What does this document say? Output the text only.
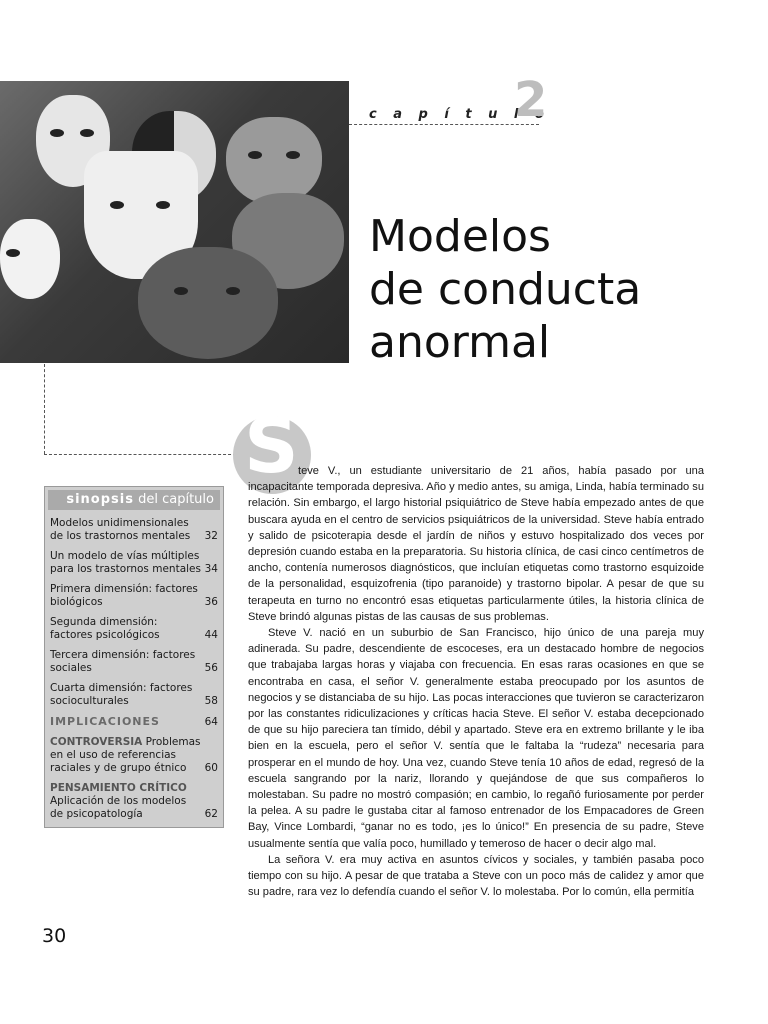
c a p í t u l o
2
Modelos
de conducta
anormal
S
sinopsis del capítulo
Modelos unidimensionales de los trastornos mentales 32
Un modelo de vías múltiples para los trastornos mentales 34
Primera dimensión: factores biológicos	36
Segunda dimensión: factores psicológicos	44
Tercera dimensión: factores sociales	56
Cuarta dimensión: factores socioculturales	58
IMPLICACIONES	64
CONTROVERSIA Problemas en el uso de referencias raciales y de grupo étnico 60
PENSAMIENTO CRÍTICO
Aplicación de los modelos de psicopatología	62

teve V., un estudiante universitario de 21 años, había pasado por una incapacitante temporada depresiva. Año y medio antes, su amiga, Linda, había terminado su relación. Sin embargo, el largo historial psiquiátrico de Steve había empezado antes de que buscara ayuda en el centro de servicios psiquiátricos de la universidad. Steve había entrado y salido de psicoterapia desde el jardín de niños y estuvo hospitalizado dos veces por depresión cuando estaba en la preparatoria. Su historia clínica, de casi cinco centímetros de ancho, contenía numerosos diagnósticos, que incluían etiquetas como trastorno esquizoide de la personalidad, esquizofrenia (tipo paranoide) y trastorno bipolar. A pesar de que su terapeuta en turno no encontró esas etiquetas particularmente útiles, la historia clínica de Steve brindó algunas pistas de las causas de sus problemas.

Steve V. nació en un suburbio de San Francisco, hijo único de una pareja muy adinerada. Su padre, descendiente de escoceses, era un destacado hombre de negocios que trabajaba largas horas y viajaba con frecuencia. En esas raras ocasiones en que se encontraba en casa, el señor V. generalmente estaba preocupado por los asuntos de negocios y se distanciaba de su hijo. Las pocas interacciones que tuvieron se caracterizaron por las constantes ridiculizaciones y críticas hacia Steve. El señor V. estaba decepcionado de que su hijo pareciera tan tímido, débil y apartado. Steve era en extremo brillante y le iba bien en la escuela, pero el señor V. sentía que le faltaba la “rudeza” necesaria para prosperar en el mundo de hoy. Una vez, cuando Steve tenía 10 años de edad, regresó de la escuela sangrando por la nariz, llorando y quejándose de que sus compañeros lo molestaban. Su padre no mostró compasión; en cambio, lo regañó furiosamente por perder la pelea. A su padre le gustaba citar al famoso entrenador de los Empacadores de Green Bay, Vince Lombardi, “ganar no es todo, ¡es lo único!” En presencia de su padre, Steve usualmente sentía que valía poco, humillado y temeroso de hacer o decir algo mal.

La señora V. era muy activa en asuntos cívicos y sociales, y también pasaba poco tiempo con su hijo. A pesar de que trataba a Steve con un poco más de calidez y amor que su padre, rara vez lo defendía cuando el señor V. lo molestaba. Por lo común, ella permitía

30
